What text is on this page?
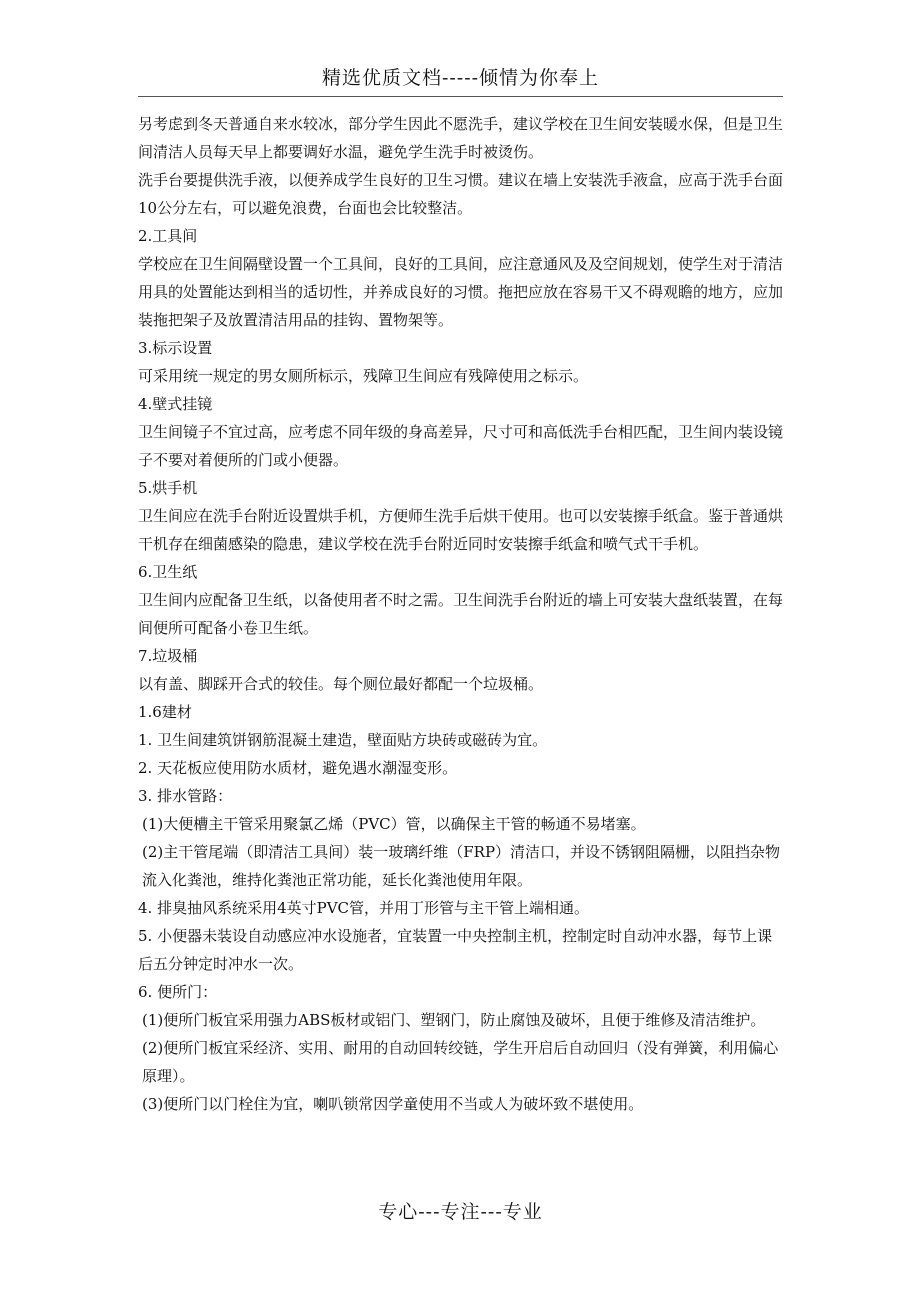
精选优质文档-----倾情为你奉上

另考虑到冬天普通自来水较冰，部分学生因此不愿洗手，建议学校在卫生间安装暖水保，但是卫生间清洁人员每天早上都要调好水温，避免学生洗手时被烫伤。

洗手台要提供洗手液，以便养成学生良好的卫生习惯。建议在墙上安装洗手液盒，应高于洗手台面10公分左右，可以避免浪费，台面也会比较整洁。

2.工具间

学校应在卫生间隔壁设置一个工具间，良好的工具间，应注意通风及及空间规划，使学生对于清洁用具的处置能达到相当的适切性，并养成良好的习惯。拖把应放在容易干又不碍观瞻的地方，应加装拖把架子及放置清洁用品的挂钩、置物架等。

3.标示设置

可采用统一规定的男女厕所标示，残障卫生间应有残障使用之标示。

4.壁式挂镜

卫生间镜子不宜过高，应考虑不同年级的身高差异，尺寸可和高低洗手台相匹配，卫生间内装设镜子不要对着便所的门或小便器。

5.烘手机

卫生间应在洗手台附近设置烘手机，方便师生洗手后烘干使用。也可以安装擦手纸盒。鉴于普通烘干机存在细菌感染的隐患，建议学校在洗手台附近同时安装擦手纸盒和喷气式干手机。

6.卫生纸

卫生间内应配备卫生纸，以备使用者不时之需。卫生间洗手台附近的墙上可安装大盘纸装置，在每间便所可配备小卷卫生纸。

7.垃圾桶

以有盖、脚踩开合式的较佳。每个厕位最好都配一个垃圾桶。

1.6建材

1. 卫生间建筑饼钢筋混凝土建造，壁面贴方块砖或磁砖为宜。

2. 天花板应使用防水质材，避免遇水潮湿变形。

3. 排水管路：

(1)大便槽主干管采用聚氯乙烯（PVC）管，以确保主干管的畅通不易堵塞。

(2)主干管尾端（即清洁工具间）装一玻璃纤维（FRP）清洁口，并设不锈钢阻隔栅，以阻挡杂物流入化粪池，维持化粪池正常功能，延长化粪池使用年限。

4. 排臭抽风系统采用4英寸PVC管，并用丁形管与主干管上端相通。

5. 小便器未装设自动感应冲水设施者，宜装置一中央控制主机，控制定时自动冲水器，每节上课后五分钟定时冲水一次。

6. 便所门：

(1)便所门板宜采用强力ABS板材或铝门、塑钢门，防止腐蚀及破坏，且便于维修及清洁维护。

(2)便所门板宜采经济、实用、耐用的自动回转绞链，学生开启后自动回归（没有弹簧，利用偏心原理）。

(3)便所门以门栓住为宜，喇叭锁常因学童使用不当或人为破坏致不堪使用。

专心---专注---专业
